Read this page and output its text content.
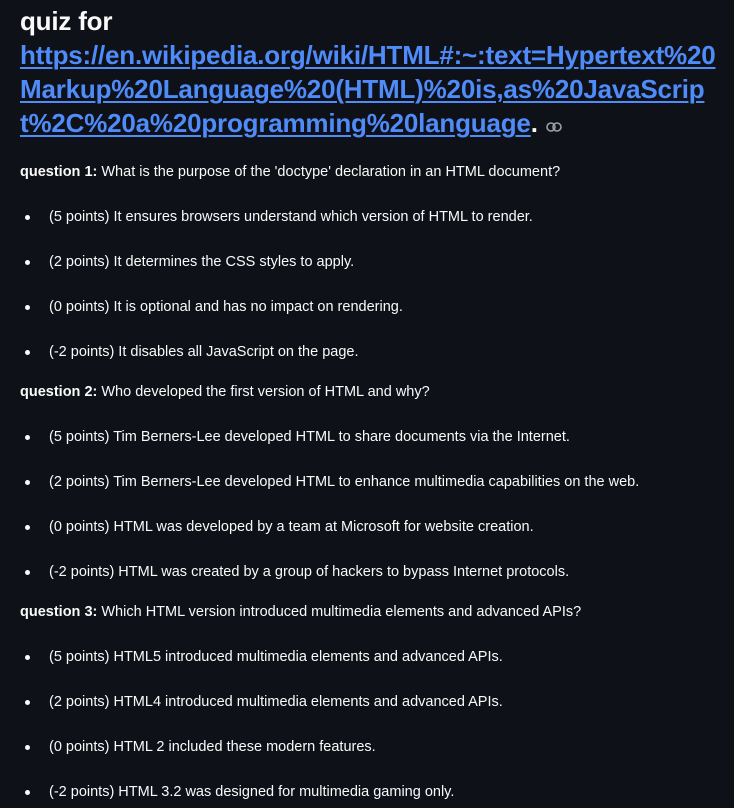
quiz for
https://en.wikipedia.org/wiki/HTML#:~:text=Hypertext%20Markup%20Language%20(HTML)%20is,as%20JavaScript%2C%20a%20programming%20language.
question 1: What is the purpose of the 'doctype' declaration in an HTML document?
(5 points) It ensures browsers understand which version of HTML to render.
(2 points) It determines the CSS styles to apply.
(0 points) It is optional and has no impact on rendering.
(-2 points) It disables all JavaScript on the page.
question 2: Who developed the first version of HTML and why?
(5 points) Tim Berners-Lee developed HTML to share documents via the Internet.
(2 points) Tim Berners-Lee developed HTML to enhance multimedia capabilities on the web.
(0 points) HTML was developed by a team at Microsoft for website creation.
(-2 points) HTML was created by a group of hackers to bypass Internet protocols.
question 3: Which HTML version introduced multimedia elements and advanced APIs?
(5 points) HTML5 introduced multimedia elements and advanced APIs.
(2 points) HTML4 introduced multimedia elements and advanced APIs.
(0 points) HTML 2 included these modern features.
(-2 points) HTML 3.2 was designed for multimedia gaming only.
